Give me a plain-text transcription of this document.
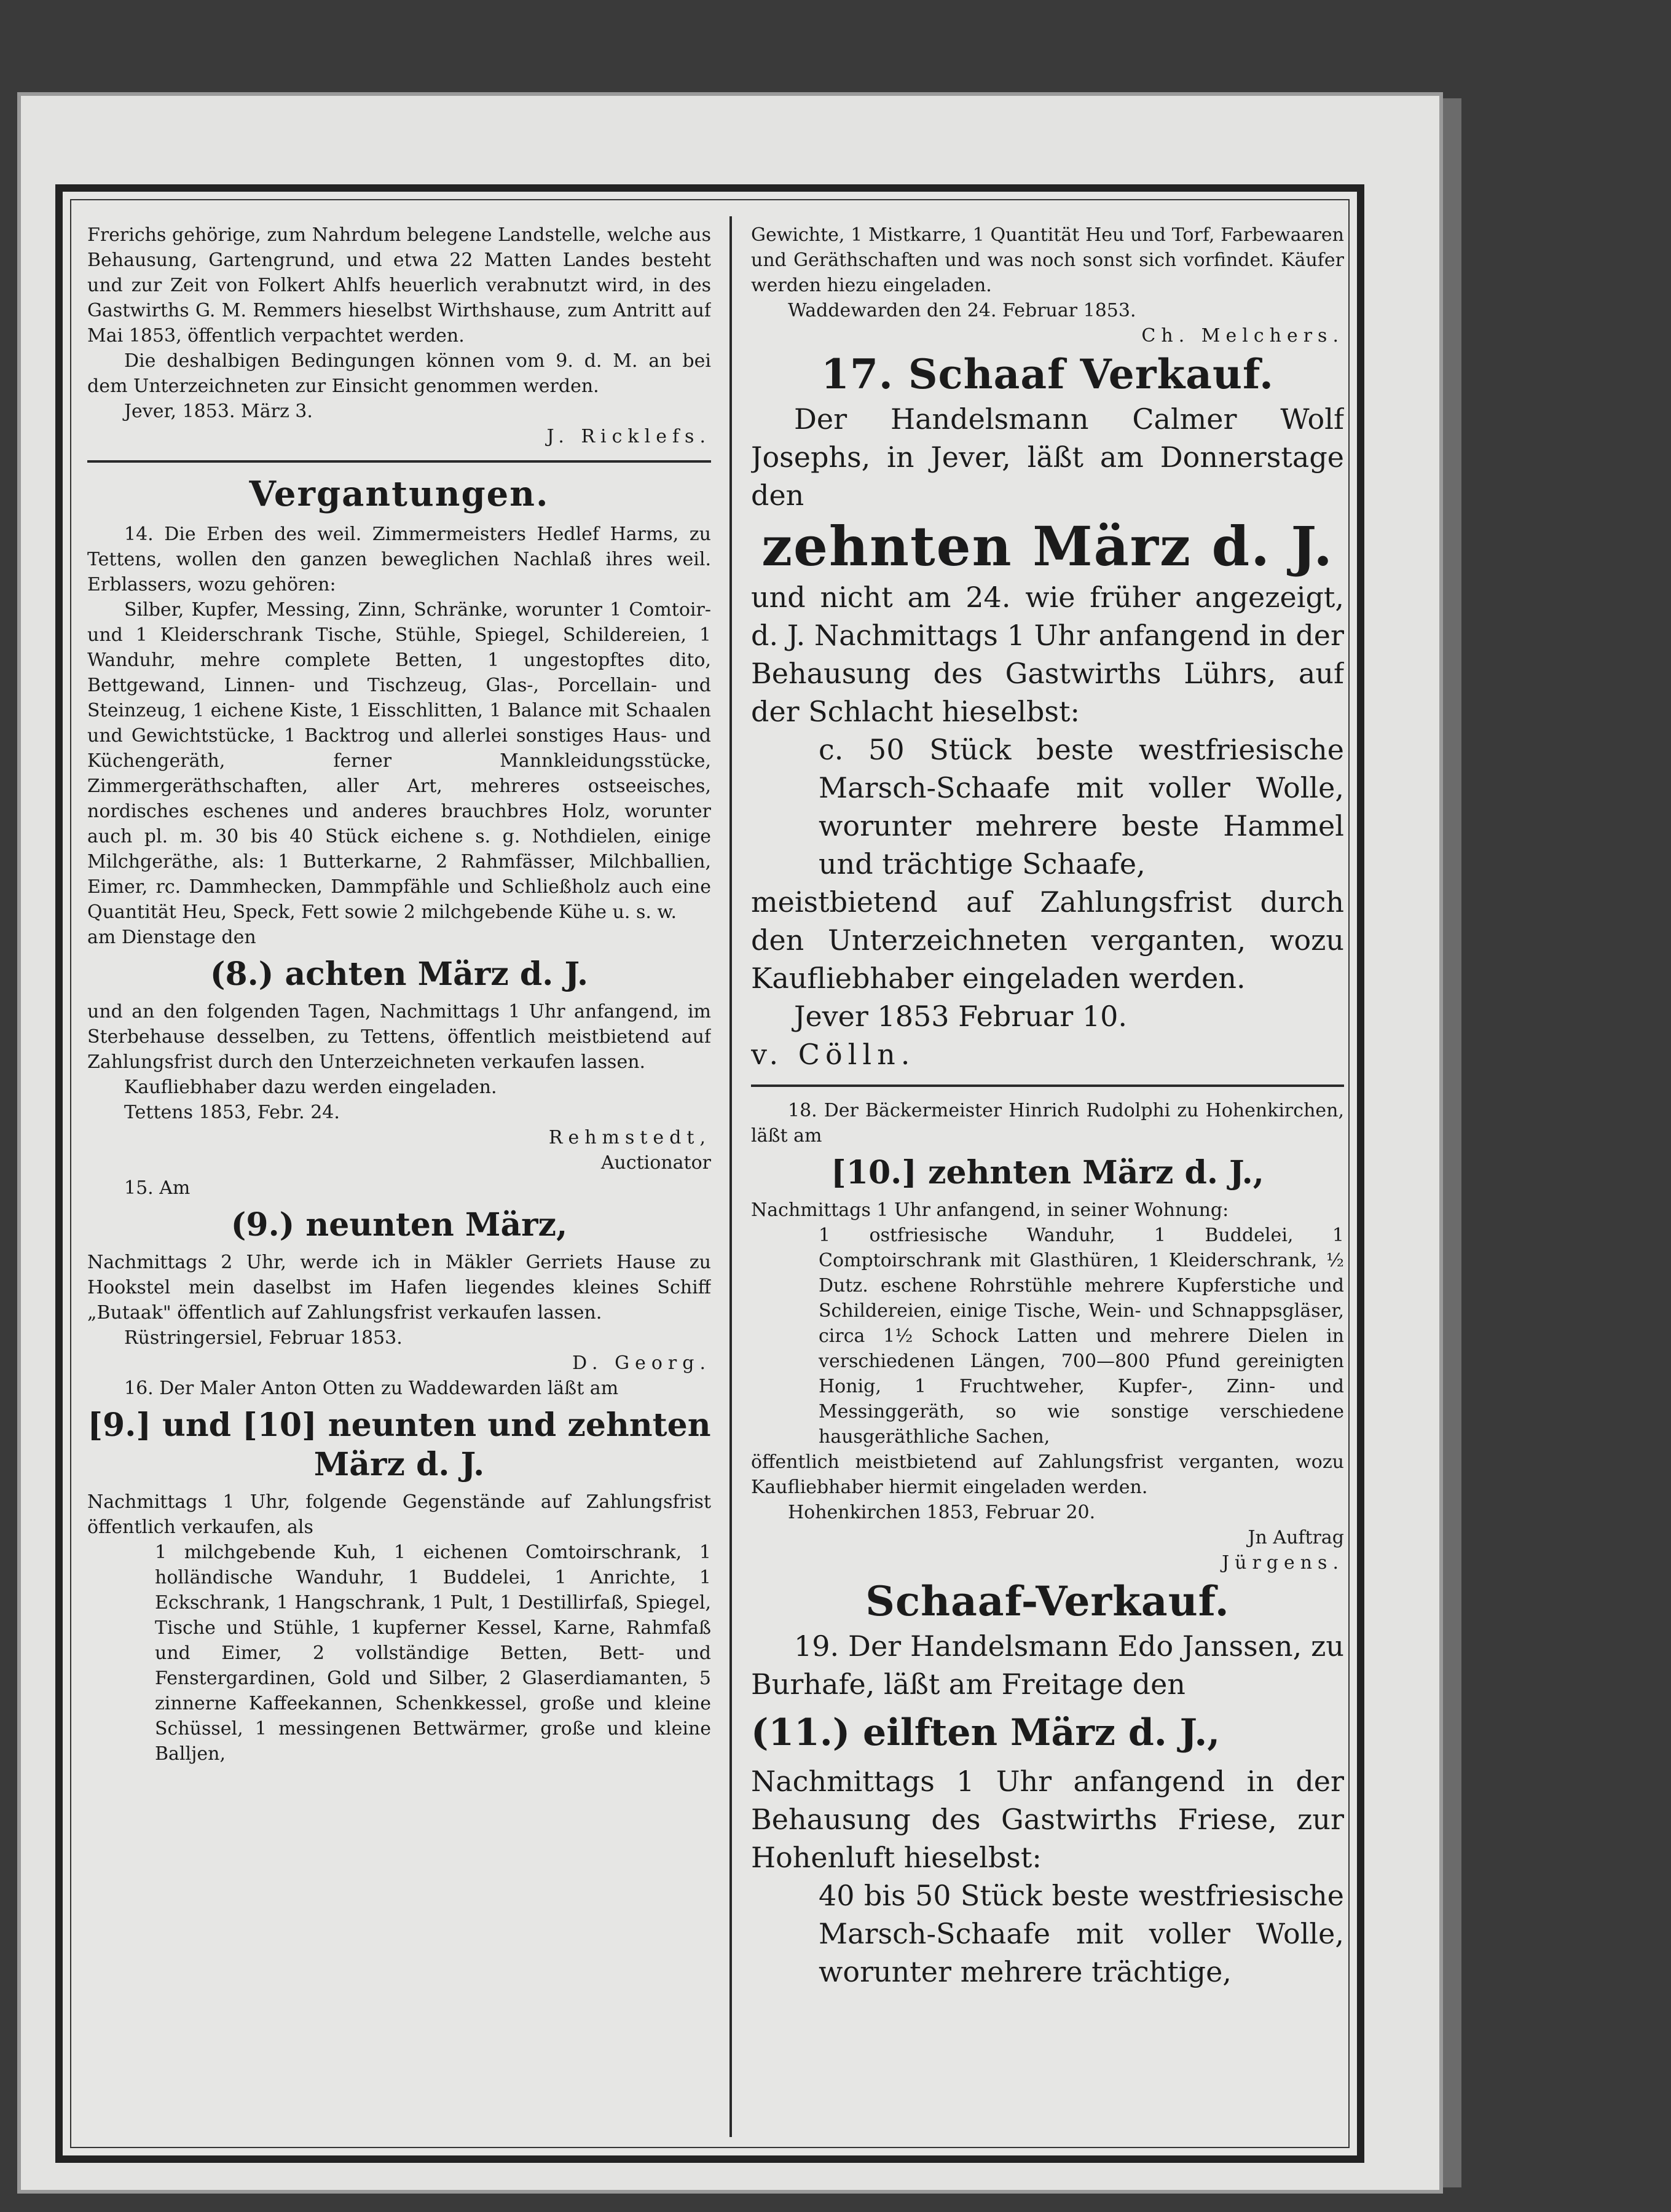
Frerichs gehörige, zum Nahrdum belegene Landstelle, welche aus Behausung, Gartengrund, und etwa 22 Matten Landes besteht und zur Zeit von Folkert Ahlfs heuerlich verabnutzt wird, in des Gastwirths G. M. Remmers hieselbst Wirthshause, zum Antritt auf Mai 1853, öffentlich verpachtet werden.

Die deshalbigen Bedingungen können vom 9. d. M. an bei dem Unterzeichneten zur Einsicht genommen werden.

Jever, 1853. März 3.

J. Ricklefs.

Vergantungen.

14. Die Erben des weil. Zimmermeisters Hedlef Harms, zu Tettens, wollen den ganzen beweglichen Nachlaß ihres weil. Erblassers, wozu gehören:

Silber, Kupfer, Messing, Zinn, Schränke, worunter 1 Comtoir- und 1 Kleiderschrank Tische, Stühle, Spiegel, Schildereien, 1 Wanduhr, mehre complete Betten, 1 ungestopftes dito, Bettgewand, Linnen- und Tischzeug, Glas-, Porcellain- und Steinzeug, 1 eichene Kiste, 1 Eisschlitten, 1 Balance mit Schaalen und Gewichtstücke, 1 Backtrog und allerlei sonstiges Haus- und Küchengeräth, ferner Mannkleidungsstücke, Zimmergeräthschaften, aller Art, mehreres ostseeisches, nordisches eschenes und anderes brauchbres Holz, worunter auch pl. m. 30 bis 40 Stück eichene s. g. Nothdielen, einige Milchgeräthe, als: 1 Butterkarne, 2 Rahmfässer, Milchballien, Eimer, rc. Dammhecken, Dammpfähle und Schließholz auch eine Quantität Heu, Speck, Fett sowie 2 milchgebende Kühe u. s. w.

am Dienstage den

(8.) achten März d. J.

und an den folgenden Tagen, Nachmittags 1 Uhr anfangend, im Sterbehause desselben, zu Tettens, öffentlich meistbietend auf Zahlungsfrist durch den Unterzeichneten verkaufen lassen.

Kaufliebhaber dazu werden eingeladen.

Tettens 1853, Febr. 24.

Rehmstedt,

Auctionator

15. Am

(9.) neunten März,

Nachmittags 2 Uhr, werde ich in Mäkler Gerriets Hause zu Hookstel mein daselbst im Hafen liegendes kleines Schiff „Butaak" öffentlich auf Zahlungsfrist verkaufen lassen.

Rüstringersiel, Februar 1853.

D. Georg.

16. Der Maler Anton Otten zu Waddewarden läßt am

[9.] und [10] neunten und zehnten März d. J.

Nachmittags 1 Uhr, folgende Gegenstände auf Zahlungsfrist öffentlich verkaufen, als

1 milchgebende Kuh, 1 eichenen Comtoirschrank, 1 holländische Wanduhr, 1 Buddelei, 1 Anrichte, 1 Eckschrank, 1 Hangschrank, 1 Pult, 1 Destillirfaß, Spiegel, Tische und Stühle, 1 kupferner Kessel, Karne, Rahmfaß und Eimer, 2 vollständige Betten, Bett- und Fenstergardinen, Gold und Silber, 2 Glaserdiamanten, 5 zinnerne Kaffeekannen, Schenkkessel, große und kleine Schüssel, 1 messingenen Bettwärmer, große und kleine Balljen,

Gewichte, 1 Mistkarre, 1 Quantität Heu und Torf, Farbewaaren und Geräthschaften und was noch sonst sich vorfindet. Käufer werden hiezu eingeladen.

Waddewarden den 24. Februar 1853.

Ch. Melchers.

17. Schaaf Verkauf.

Der Handelsmann Calmer Wolf Josephs, in Jever, läßt am Donnerstage den

zehnten März d. J.

und nicht am 24. wie früher angezeigt, d. J. Nachmittags 1 Uhr anfangend in der Behausung des Gastwirths Lührs, auf der Schlacht hieselbst:

c. 50 Stück beste westfriesische Marsch-Schaafe mit voller Wolle, worunter mehrere beste Hammel und trächtige Schaafe,

meistbietend auf Zahlungsfrist durch den Unterzeichneten verganten, wozu Kaufliebhaber eingeladen werden.

Jever 1853 Februar 10.

v. Cölln.

18. Der Bäckermeister Hinrich Rudolphi zu Hohenkirchen, läßt am

[10.] zehnten März d. J.,

Nachmittags 1 Uhr anfangend, in seiner Wohnung:

1 ostfriesische Wanduhr, 1 Buddelei, 1 Comptoirschrank mit Glasthüren, 1 Kleiderschrank, ½ Dutz. eschene Rohrstühle mehrere Kupferstiche und Schildereien, einige Tische, Wein- und Schnappsgläser, circa 1½ Schock Latten und mehrere Dielen in verschiedenen Längen, 700—800 Pfund gereinigten Honig, 1 Fruchtweher, Kupfer-, Zinn- und Messinggeräth, so wie sonstige verschiedene hausgeräthliche Sachen,

öffentlich meistbietend auf Zahlungsfrist verganten, wozu Kaufliebhaber hiermit eingeladen werden.

Hohenkirchen 1853, Februar 20.

Jn Auftrag

Jürgens.

Schaaf-Verkauf.

19. Der Handelsmann Edo Janssen, zu Burhafe, läßt am Freitage den

(11.) eilften März d. J.,

Nachmittags 1 Uhr anfangend in der Behausung des Gastwirths Friese, zur Hohenluft hieselbst:

40 bis 50 Stück beste westfriesische Marsch-Schaafe mit voller Wolle, worunter mehrere trächtige,
